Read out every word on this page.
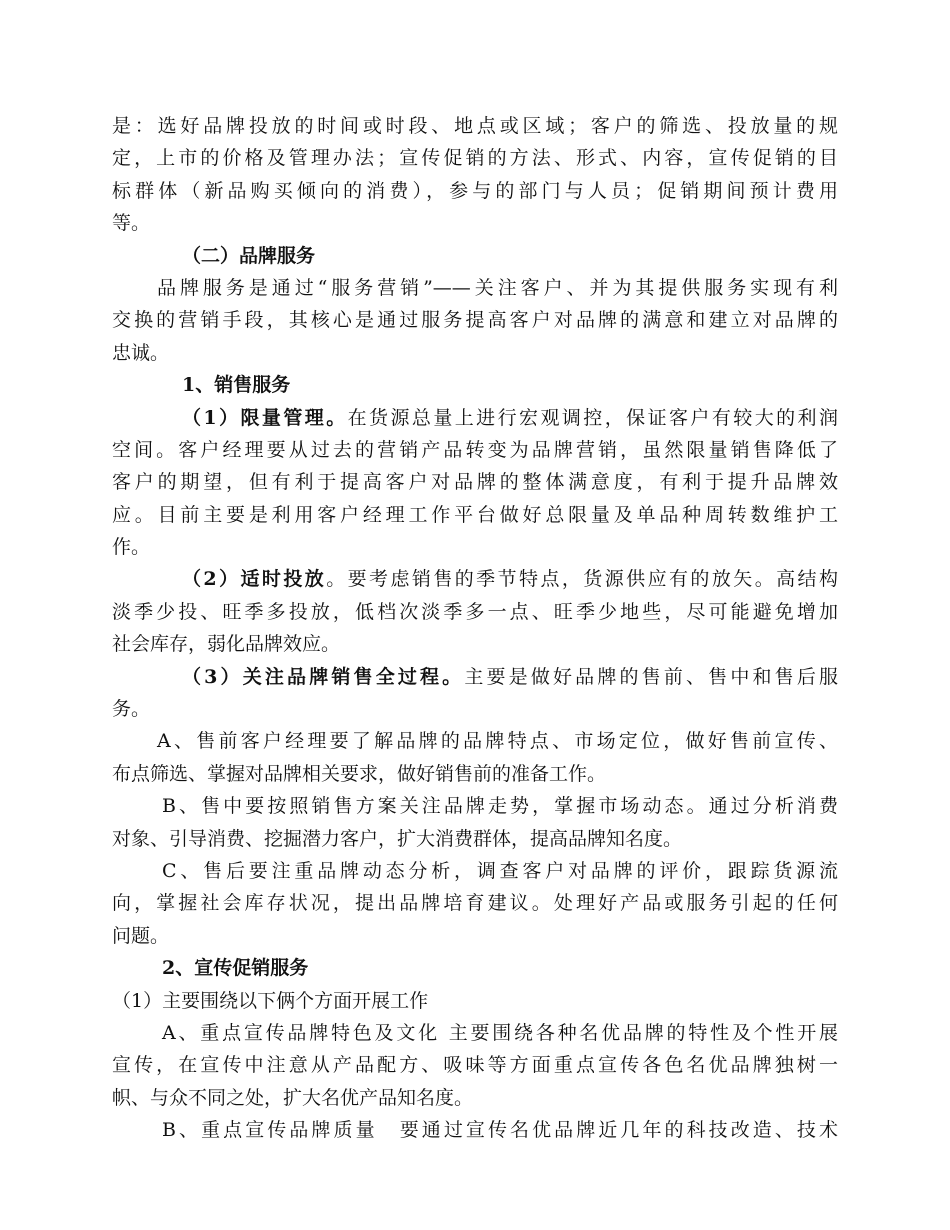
是：选好品牌投放的时间或时段、地点或区域；客户的筛选、投放量的规
定，上市的价格及管理办法；宣传促销的方法、形式、内容，宣传促销的目
标群体（新品购买倾向的消费），参与的部门与人员；促销期间预计费用
等。
（二）品牌服务
品牌服务是通过“服务营销”——关注客户、并为其提供服务实现有利
交换的营销手段，其核心是通过服务提高客户对品牌的满意和建立对品牌的
忠诚。
1、销售服务
（1）限量管理。在货源总量上进行宏观调控，保证客户有较大的利润
空间。客户经理要从过去的营销产品转变为品牌营销，虽然限量销售降低了
客户的期望，但有利于提高客户对品牌的整体满意度，有利于提升品牌效
应。目前主要是利用客户经理工作平台做好总限量及单品种周转数维护工
作。
（2）适时投放。要考虑销售的季节特点，货源供应有的放矢。高结构
淡季少投、旺季多投放，低档次淡季多一点、旺季少地些，尽可能避免增加
社会库存，弱化品牌效应。
（3）关注品牌销售全过程。主要是做好品牌的售前、售中和售后服
务。
A、售前客户经理要了解品牌的品牌特点、市场定位，做好售前宣传、
布点筛选、掌握对品牌相关要求，做好销售前的准备工作。
B、售中要按照销售方案关注品牌走势，掌握市场动态。通过分析消费
对象、引导消费、挖掘潜力客户，扩大消费群体，提高品牌知名度。
C、售后要注重品牌动态分析，调查客户对品牌的评价，跟踪货源流
向，掌握社会库存状况，提出品牌培育建议。处理好产品或服务引起的任何
问题。
2、宣传促销服务
（1）主要围绕以下俩个方面开展工作
A、重点宣传品牌特色及文化 主要围绕各种名优品牌的特性及个性开展
宣传，在宣传中注意从产品配方、吸味等方面重点宣传各色名优品牌独树一
帜、与众不同之处，扩大名优产品知名度。
B、重点宣传品牌质量　要通过宣传名优品牌近几年的科技改造、技术
